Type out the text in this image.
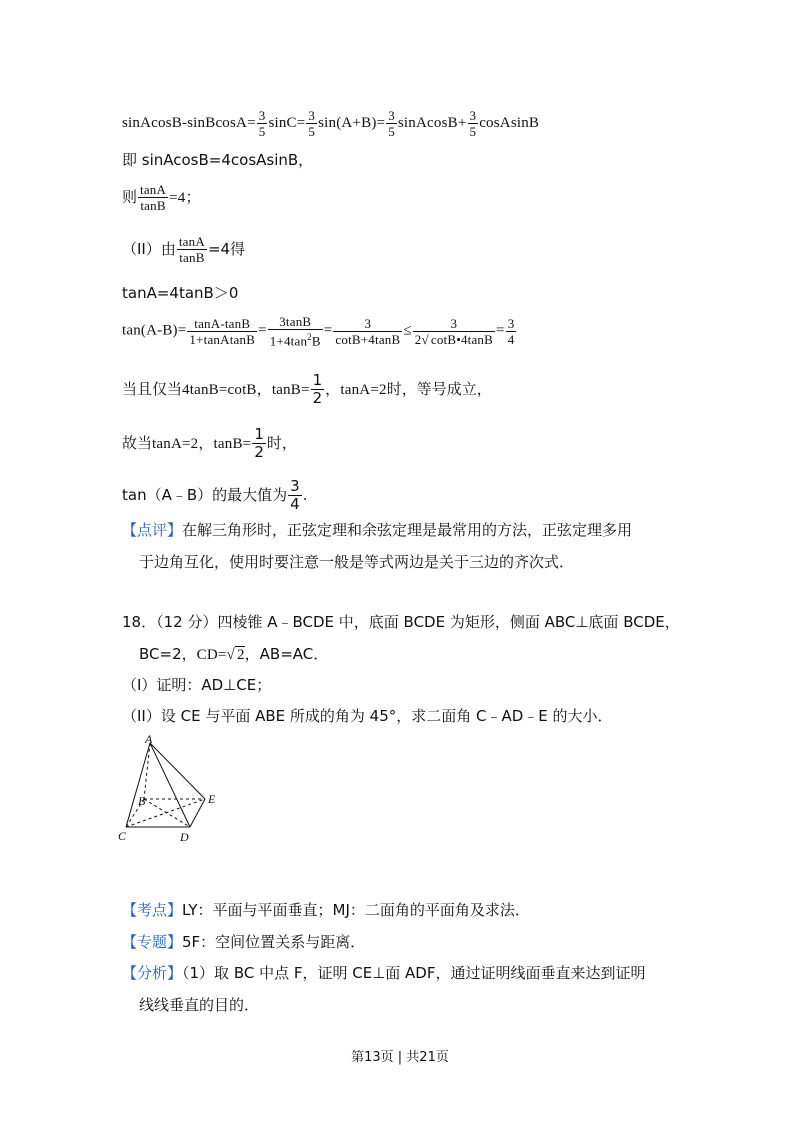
sinAcosB-sinBcosA= $\frac{3}{5} \sin C= \frac{3}{5} \sin(A+B)= \frac{3}{5}$ sinAcosB+ $\frac{3}{5}$ cosAsinB
即 sinAcosB=4cosAsinB，
则 $\frac{\tan A}{\tan B} =4$；
（II）由 $\frac{\tan A}{\tan B} =4$得
tanA=4tanB＞0
$\tan(A-B)= \frac{\tan A-\tan B}{\text{1+tanAtanB}} = \frac{3\tan B}{1+4\tan^2B} = \frac{3}{\cot B+4\tan B} \le \frac{3}{2√ \cot B•4\tan B} = \frac{3}{4}$
当且仅当4tanB=cotB，$\tan B= \frac{1}{2}$ ，tanA=2时，等号成立，
故当tanA=2，$\tan B= \frac{1}{2}$ 时，
tan（A﹣B）的最大值为 $\frac{3}{4}$ .
【点评】在解三角形时，正弦定理和余弦定理是最常用的方法，正弦定理多用
于边角互化，使用时要注意一般是等式两边是关于三边的齐次式．
18．（12 分）四棱锥 A﹣BCDE 中，底面 BCDE 为矩形，侧面 ABC⊥底面 BCDE，
BC=2，CD=√ 2，AB=AC．
（I）证明：AD⊥CE；
（II）设 CE 与平面 ABE 所成的角为 45°，求二面角 C﹣AD﹣E 的大小．
A
B
C	D
E
【考点】LY：平面与平面垂直；MJ：二面角的平面角及求法．
【专题】5F：空间位置关系与距离．
【分析】（1）取 BC 中点 F，证明 CE⊥面 ADF，通过证明线面垂直来达到证明
线线垂直的目的．
第13页 | 共21页
